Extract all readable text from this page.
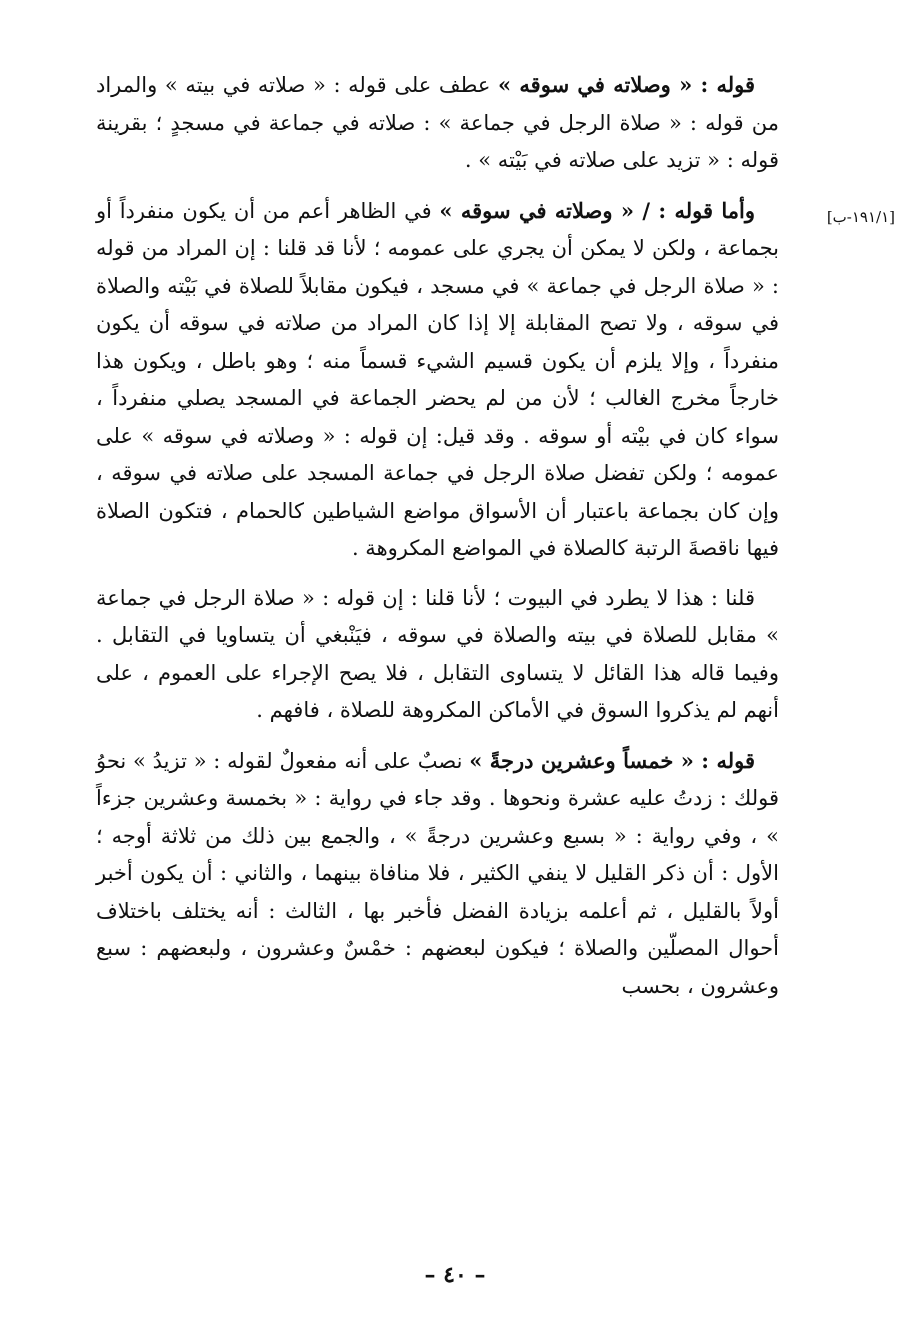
[١٩١/١-ب]

قوله : « وصلاته في سوقه » عطف على قوله : « صلاته في بيته » والمراد من قوله : « صلاة الرجل في جماعة » : صلاته في جماعة في مسجدٍ ؛ بقرينة قوله : « تزيد على صلاته في بَيْته » .

وأما قوله : / « وصلاته في سوقه » في الظاهر أعم من أن يكون منفرداً أو بجماعة ، ولكن لا يمكن أن يجري على عمومه ؛ لأنا قد قلنا : إن المراد من قوله : « صلاة الرجل في جماعة » في مسجد ، فيكون مقابلاً للصلاة في بَيْته والصلاة في سوقه ، ولا تصح المقابلة إلا إذا كان المراد من صلاته في سوقه أن يكون منفرداً ، وإلا يلزم أن يكون قسيم الشيء قسماً منه ؛ وهو باطل ، ويكون هذا خارجاً مخرج الغالب ؛ لأن من لم يحضر الجماعة في المسجد يصلي منفرداً ، سواء كان في بيْته أو سوقه . وقد قيل: إن قوله : « وصلاته في سوقه » على عمومه ؛ ولكن تفضل صلاة الرجل في جماعة المسجد على صلاته في سوقه ، وإن كان بجماعة باعتبار أن الأسواق مواضع الشياطين كالحمام ، فتكون الصلاة فيها ناقصةَ الرتبة كالصلاة في المواضع المكروهة .

قلنا : هذا لا يطرد في البيوت ؛ لأنا قلنا : إن قوله : « صلاة الرجل في جماعة » مقابل للصلاة في بيته والصلاة في سوقه ، فيَنْبغي أن يتساويا في التقابل . وفيما قاله هذا القائل لا يتساوى التقابل ، فلا يصح الإجراء على العموم ، على أنهم لم يذكروا السوق في الأماكن المكروهة للصلاة ، فافهم .

قوله : « خمساً وعشرين درجةً » نصبٌ على أنه مفعولٌ لقوله : « تزيدُ » نحوُ قولك : زدتُ عليه عشرة ونحوها . وقد جاء في رواية : « بخمسة وعشرين جزءاً » ، وفي رواية : « بسبع وعشرين درجةً » ، والجمع بين ذلك من ثلاثة أوجه ؛ الأول : أن ذكر القليل لا ينفي الكثير ، فلا منافاة بينهما ، والثاني : أن يكون أخبر أولاً بالقليل ، ثم أعلمه بزيادة الفضل فأخبر بها ، الثالث : أنه يختلف باختلاف أحوال المصلّين والصلاة ؛ فيكون لبعضهم : خمْسٌ وعشرون ، ولبعضهم : سبع وعشرون ، بحسب

– ٤٠ –
